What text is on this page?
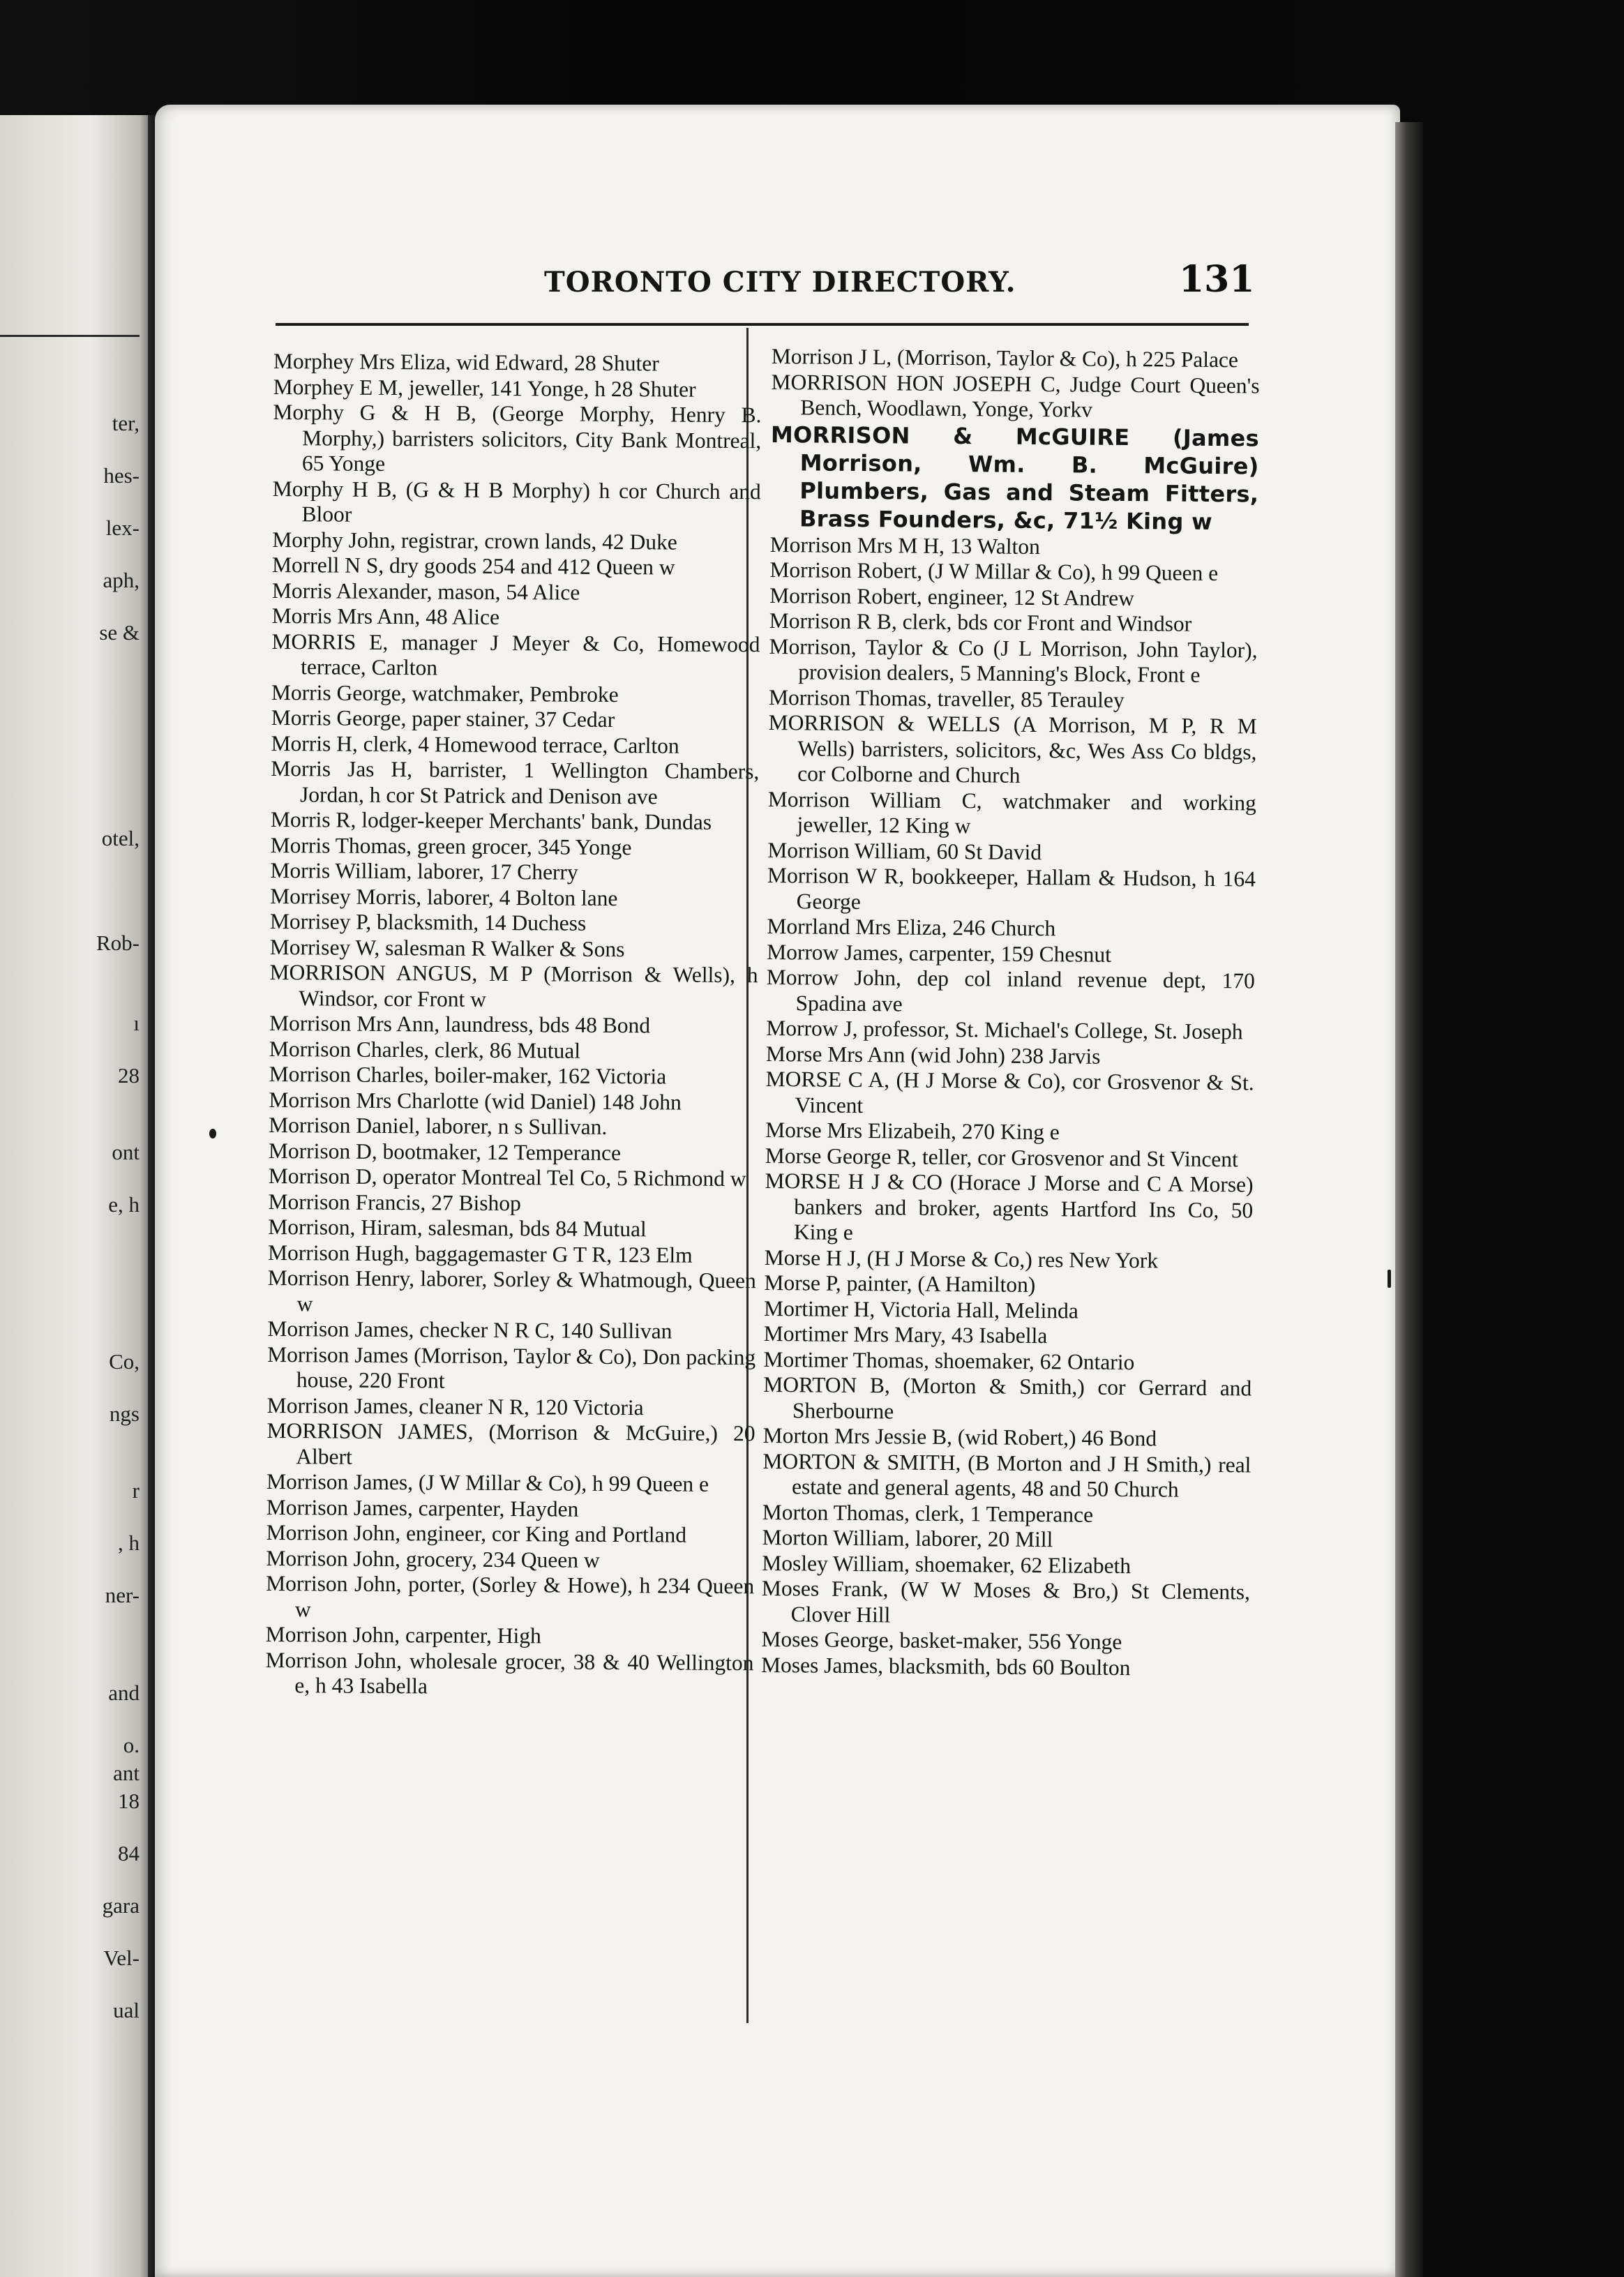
ter,
hes-
lex-
aph,
se &
otel,
Rob-
ı
28
ont
e, h
Co,
ngs
r
, h
ner-
and
o.
ant
18
84
gara
Vel-
ual
TORONTO CITY DIRECTORY.	131

Morphey Mrs Eliza, wid Edward, 28 Shuter

Morphey E M, jeweller, 141 Yonge, h 28 Shuter

Morphy G & H B, (George Morphy, Henry B. Morphy,) barristers solicitors, City Bank Montreal, 65 Yonge

Morphy H B, (G & H B Morphy) h cor Church and Bloor

Morphy John, registrar, crown lands, 42 Duke

Morrell N S, dry goods 254 and 412 Queen w

Morris Alexander, mason, 54 Alice

Morris Mrs Ann, 48 Alice

MORRIS E, manager J Meyer & Co, Homewood terrace, Carlton

Morris George, watchmaker, Pembroke

Morris George, paper stainer, 37 Cedar

Morris H, clerk, 4 Homewood terrace, Carlton

Morris Jas H, barrister, 1 Wellington Chambers, Jordan, h cor St Patrick and Denison ave

Morris R, lodger-keeper Merchants' bank, Dundas

Morris Thomas, green grocer, 345 Yonge

Morris William, laborer, 17 Cherry

Morrisey Morris, laborer, 4 Bolton lane

Morrisey P, blacksmith, 14 Duchess

Morrisey W, salesman R Walker & Sons

MORRISON ANGUS, M P (Morrison & Wells), h Windsor, cor Front w

Morrison Mrs Ann, laundress, bds 48 Bond

Morrison Charles, clerk, 86 Mutual

Morrison Charles, boiler-maker, 162 Victoria

Morrison Mrs Charlotte (wid Daniel) 148 John

Morrison Daniel, laborer, n s Sullivan.

Morrison D, bootmaker, 12 Temperance

Morrison D, operator Montreal Tel Co, 5 Richmond w

Morrison Francis, 27 Bishop

Morrison, Hiram, salesman, bds 84 Mutual

Morrison Hugh, baggagemaster G T R, 123 Elm

Morrison Henry, laborer, Sorley & Whatmough, Queen w

Morrison James, checker N R C, 140 Sullivan

Morrison James (Morrison, Taylor & Co), Don packing house, 220 Front

Morrison James, cleaner N R, 120 Victoria

MORRISON JAMES, (Morrison & McGuire,) 20 Albert

Morrison James, (J W Millar & Co), h 99 Queen e

Morrison James, carpenter, Hayden

Morrison John, engineer, cor King and Portland

Morrison John, grocery, 234 Queen w

Morrison John, porter, (Sorley & Howe), h 234 Queen w

Morrison John, carpenter, High

Morrison John, wholesale grocer, 38 & 40 Wellington e, h 43 Isabella

Morrison J L, (Morrison, Taylor & Co), h 225 Palace

MORRISON HON JOSEPH C, Judge Court Queen's Bench, Woodlawn, Yonge, Yorkv

MORRISON & McGUIRE (James Morrison, Wm. B. McGuire) Plumbers, Gas and Steam Fitters, Brass Founders, &c, 71½ King w

Morrison Mrs M H, 13 Walton

Morrison Robert, (J W Millar & Co), h 99 Queen e

Morrison Robert, engineer, 12 St Andrew

Morrison R B, clerk, bds cor Front and Windsor

Morrison, Taylor & Co (J L Morrison, John Taylor), provision dealers, 5 Manning's Block, Front e

Morrison Thomas, traveller, 85 Terauley

MORRISON & WELLS (A Morrison, M P, R M Wells) barristers, solicitors, &c, Wes Ass Co bldgs, cor Colborne and Church

Morrison William C, watchmaker and working jeweller, 12 King w

Morrison William, 60 St David

Morrison W R, bookkeeper, Hallam & Hudson, h 164 George

Morrland Mrs Eliza, 246 Church

Morrow James, carpenter, 159 Chesnut

Morrow John, dep col inland revenue dept, 170 Spadina ave

Morrow J, professor, St. Michael's College, St. Joseph

Morse Mrs Ann (wid John) 238 Jarvis

MORSE C A, (H J Morse & Co), cor Grosvenor & St. Vincent

Morse Mrs Elizabeih, 270 King e

Morse George R, teller, cor Grosvenor and St Vincent

MORSE H J & CO (Horace J Morse and C A Morse) bankers and broker, agents Hartford Ins Co, 50 King e

Morse H J, (H J Morse & Co,) res New York

Morse P, painter, (A Hamilton)

Mortimer H, Victoria Hall, Melinda

Mortimer Mrs Mary, 43 Isabella

Mortimer Thomas, shoemaker, 62 Ontario

MORTON B, (Morton & Smith,) cor Gerrard and Sherbourne

Morton Mrs Jessie B, (wid Robert,) 46 Bond

MORTON & SMITH, (B Morton and J H Smith,) real estate and general agents, 48 and 50 Church

Morton Thomas, clerk, 1 Temperance

Morton William, laborer, 20 Mill

Mosley William, shoemaker, 62 Elizabeth

Moses Frank, (W W Moses & Bro,) St Clements, Clover Hill

Moses George, basket-maker, 556 Yonge

Moses James, blacksmith, bds 60 Boulton
